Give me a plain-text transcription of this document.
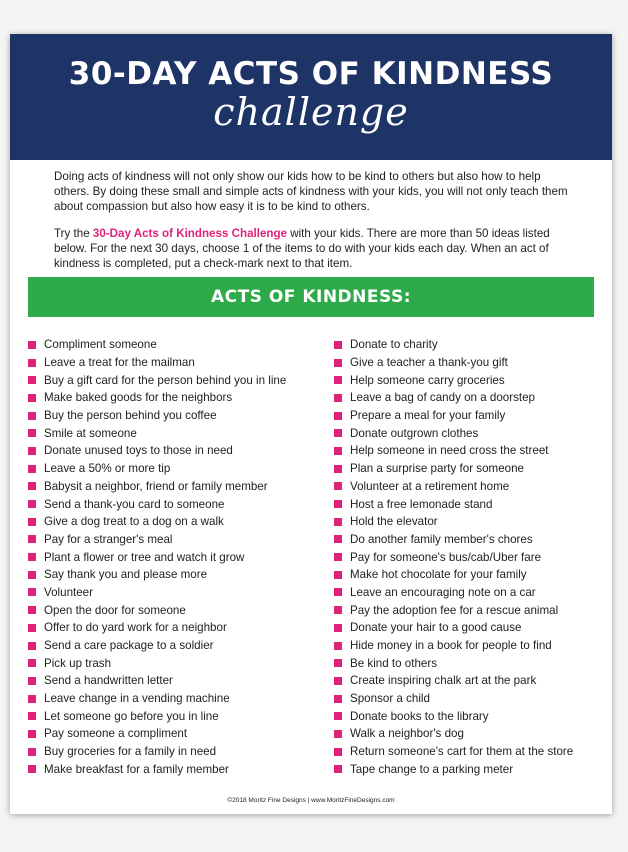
30-DAY ACTS OF KINDNESS
challenge

Doing acts of kindness will not only show our kids how to be kind to others but also how to help others. By doing these small and simple acts of kindness with your kids, you will not only teach them about compassion but also how easy it is to be kind to others.

Try the 30-Day Acts of Kindness Challenge with your kids. There are more than 50 ideas listed below. For the next 30 days, choose 1 of the items to do with your kids each day. When an act of kindness is completed, put a check-mark next to that item.

ACTS OF KINDNESS:
Compliment someone
Leave a treat for the mailman
Buy a gift card for the person behind you in line
Make baked goods for the neighbors
Buy the person behind you coffee
Smile at someone
Donate unused toys to those in need
Leave a 50% or more tip
Babysit a neighbor, friend or family member
Send a thank-you card to someone
Give a dog treat to a dog on a walk
Pay for a stranger's meal
Plant a flower or tree and watch it grow
Say thank you and please more
Volunteer
Open the door for someone
Offer to do yard work for a neighbor
Send a care package to a soldier
Pick up trash
Send a handwritten letter
Leave change in a vending machine
Let someone go before you in line
Pay someone a compliment
Buy groceries for a family in need
Make breakfast for a family member
Donate to charity
Give a teacher a thank-you gift
Help someone carry groceries
Leave a bag of candy on a doorstep
Prepare a meal for your family
Donate outgrown clothes
Help someone in need cross the street
Plan a surprise party for someone
Volunteer at a retirement home
Host a free lemonade stand
Hold the elevator
Do another family member's chores
Pay for someone's bus/cab/Uber fare
Make hot chocolate for your family
Leave an encouraging note on a car
Pay the adoption fee for a rescue animal
Donate your hair to a good cause
Hide money in a book for people to find
Be kind to others
Create inspiring chalk art at the park
Sponsor a child
Donate books to the library
Walk a neighbor's dog
Return someone's cart for them at the store
Tape change to a parking meter
©2018 Moritz Fine Designs | www.MoritzFineDesigns.com
